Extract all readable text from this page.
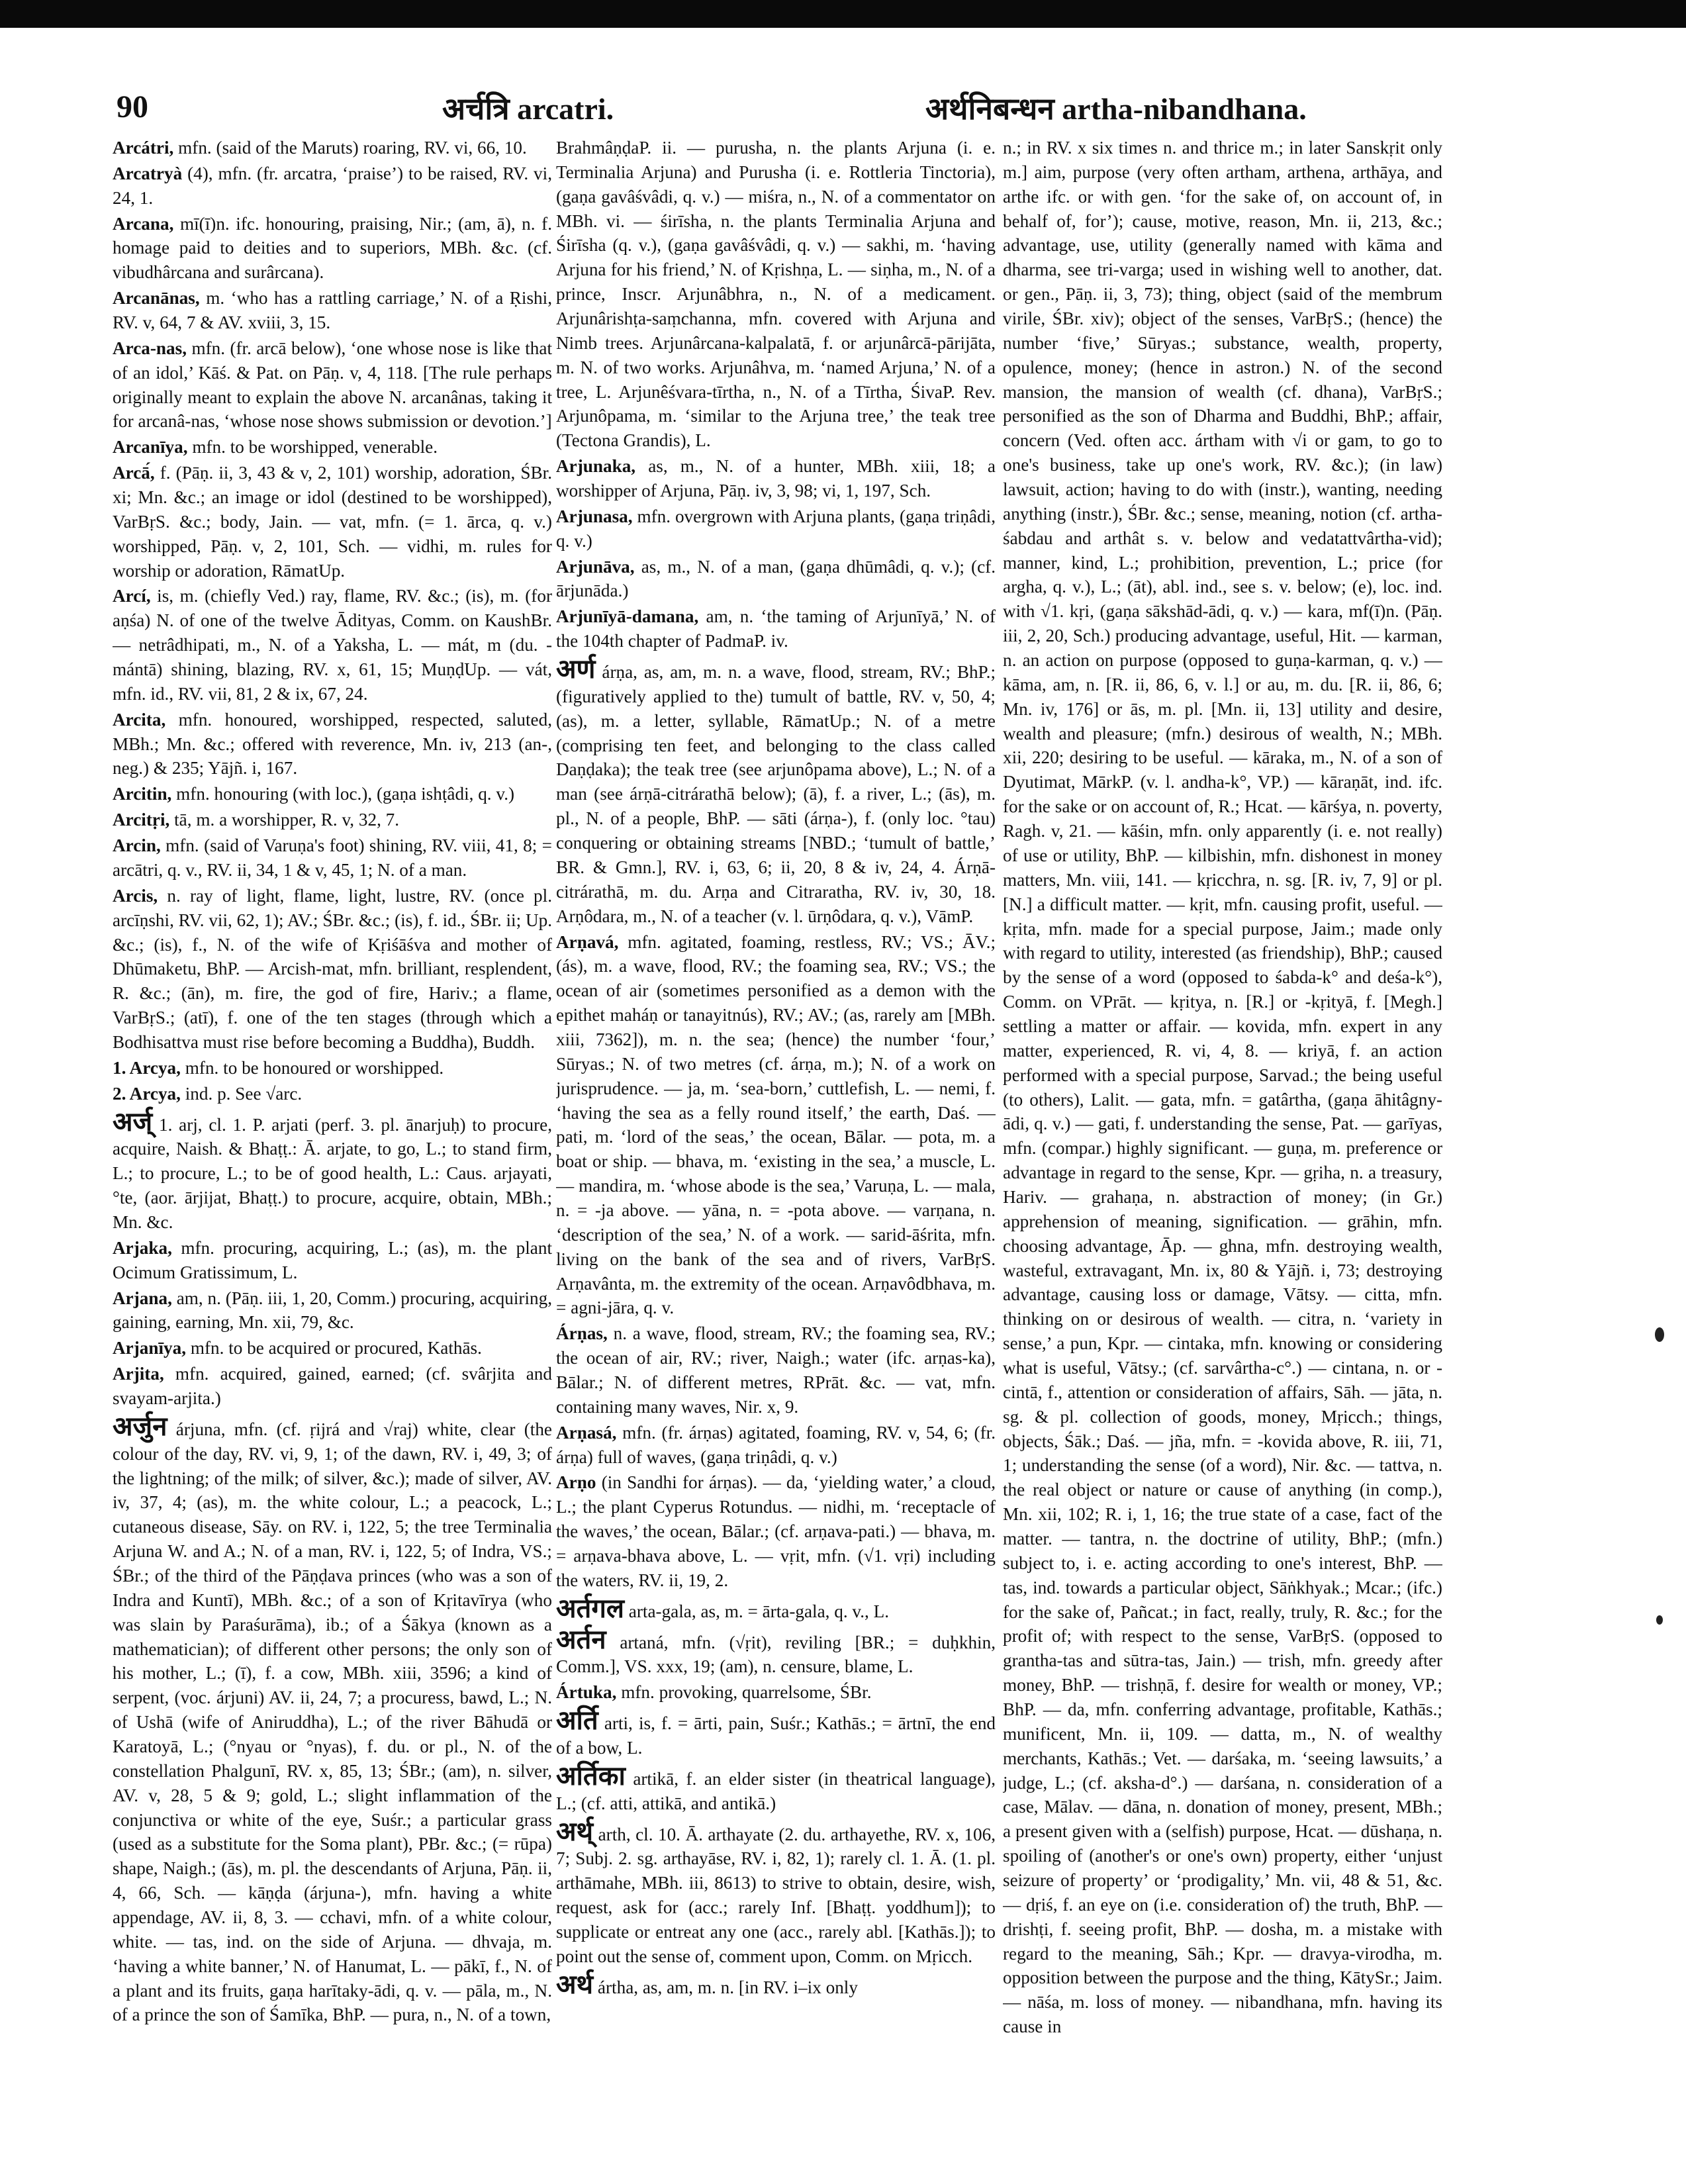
90	अर्चत्रि arcatri.	अर्थनिबन्धन artha-nibandhana.

Arcátri, mfn. (said of the Maruts) roaring, RV. vi, 66, 10.

Arcatryà (4), mfn. (fr. arcatra, ‘praise’) to be raised, RV. vi, 24, 1.

Arcana, mī(ī)n. ifc. honouring, praising, Nir.; (am, ā), n. f. homage paid to deities and to superiors, MBh. &c. (cf. vibudhârcana and surârcana).

Arcanānas, m. ‘who has a rattling carriage,’ N. of a Ṛishi, RV. v, 64, 7 & AV. xviii, 3, 15.

Arca-nas, mfn. (fr. arcā below), ‘one whose nose is like that of an idol,’ Kāś. & Pat. on Pāṇ. v, 4, 118. [The rule perhaps originally meant to explain the above N. arcanânas, taking it for arcanâ-nas, ‘whose nose shows submission or devotion.’]

Arcanīya, mfn. to be worshipped, venerable.

Arcā́, f. (Pāṇ. ii, 3, 43 & v, 2, 101) worship, adoration, ŚBr. xi; Mn. &c.; an image or idol (destined to be worshipped), VarBṛS. &c.; body, Jain. — vat, mfn. (= 1. ārca, q. v.) worshipped, Pāṇ. v, 2, 101, Sch. — vidhi, m. rules for worship or adoration, RāmatUp.

Arcí, is, m. (chiefly Ved.) ray, flame, RV. &c.; (is), m. (for aṇśa) N. of one of the twelve Ādityas, Comm. on KaushBr. — netrâdhipati, m., N. of a Yaksha, L. — mát, m (du. -mántā) shining, blazing, RV. x, 61, 15; MuṇḍUp. — vát, mfn. id., RV. vii, 81, 2 & ix, 67, 24.

Arcita, mfn. honoured, worshipped, respected, saluted, MBh.; Mn. &c.; offered with reverence, Mn. iv, 213 (an-, neg.) & 235; Yājñ. i, 167.

Arcitin, mfn. honouring (with loc.), (gaṇa ishṭâdi, q. v.)

Arcitṛi, tā, m. a worshipper, R. v, 32, 7.

Arcin, mfn. (said of Varuṇa's foot) shining, RV. viii, 41, 8; = arcātri, q. v., RV. ii, 34, 1 & v, 45, 1; N. of a man.

Arcis, n. ray of light, flame, light, lustre, RV. (once pl. arcīṇshi, RV. vii, 62, 1); AV.; ŚBr. &c.; (is), f. id., ŚBr. ii; Up. &c.; (is), f., N. of the wife of Kṛiśāśva and mother of Dhūmaketu, BhP. — Arcish-mat, mfn. brilliant, resplendent, R. &c.; (ān), m. fire, the god of fire, Hariv.; a flame, VarBṛS.; (atī), f. one of the ten stages (through which a Bodhisattva must rise before becoming a Buddha), Buddh.

1. Arcya, mfn. to be honoured or worshipped.

2. Arcya, ind. p. See √arc.

अर्ज् 1. arj, cl. 1. P. arjati (perf. 3. pl. ānarjuḥ) to procure, acquire, Naish. & Bhaṭṭ.: Ā. arjate, to go, L.; to stand firm, L.; to procure, L.; to be of good health, L.: Caus. arjayati, °te, (aor. ārjijat, Bhaṭṭ.) to procure, acquire, obtain, MBh.; Mn. &c.

Arjaka, mfn. procuring, acquiring, L.; (as), m. the plant Ocimum Gratissimum, L.

Arjana, am, n. (Pāṇ. iii, 1, 20, Comm.) procuring, acquiring, gaining, earning, Mn. xii, 79, &c.

Arjanīya, mfn. to be acquired or procured, Kathās.

Arjita, mfn. acquired, gained, earned; (cf. svârjita and svayam-arjita.)

अर्जुन árjuna, mfn. (cf. ṛijrá and √raj) white, clear (the colour of the day, RV. vi, 9, 1; of the dawn, RV. i, 49, 3; of the lightning; of the milk; of silver, &c.); made of silver, AV. iv, 37, 4; (as), m. the white colour, L.; a peacock, L.; cutaneous disease, Sāy. on RV. i, 122, 5; the tree Terminalia Arjuna W. and A.; N. of a man, RV. i, 122, 5; of Indra, VS.; ŚBr.; of the third of the Pāṇḍava princes (who was a son of Indra and Kuntī), MBh. &c.; of a son of Kṛitavīrya (who was slain by Paraśurāma), ib.; of a Śākya (known as a mathematician); of different other persons; the only son of his mother, L.; (ī), f. a cow, MBh. xiii, 3596; a kind of serpent, (voc. árjuni) AV. ii, 24, 7; a procuress, bawd, L.; N. of Ushā (wife of Aniruddha), L.; of the river Bāhudā or Karatoyā, L.; (°nyau or °nyas), f. du. or pl., N. of the constellation Phalgunī, RV. x, 85, 13; ŚBr.; (am), n. silver, AV. v, 28, 5 & 9; gold, L.; slight inflammation of the conjunctiva or white of the eye, Suśr.; a particular grass (used as a substitute for the Soma plant), PBr. &c.; (= rūpa) shape, Naigh.; (ās), m. pl. the descendants of Arjuna, Pāṇ. ii, 4, 66, Sch. — kāṇḍa (árjuna-), mfn. having a white appendage, AV. ii, 8, 3. — cchavi, mfn. of a white colour, white. — tas, ind. on the side of Arjuna. — dhvaja, m. ‘having a white banner,’ N. of Hanumat, L. — pākī, f., N. of a plant and its fruits, gaṇa harītaky-ādi, q. v. — pāla, m., N. of a prince the son of Śamīka, BhP. — pura, n., N. of a town,

BrahmâṇḍaP. ii. — purusha, n. the plants Arjuna (i. e. Terminalia Arjuna) and Purusha (i. e. Rottleria Tinctoria), (gaṇa gavâśvâdi, q. v.) — miśra, n., N. of a commentator on MBh. vi. — śirīsha, n. the plants Terminalia Arjuna and Śirīsha (q. v.), (gaṇa gavâśvâdi, q. v.) — sakhi, m. ‘having Arjuna for his friend,’ N. of Kṛishṇa, L. — siṇha, m., N. of a prince, Inscr. Arjunâbhra, n., N. of a medicament. Arjunârishṭa-saṃchanna, mfn. covered with Arjuna and Nimb trees. Arjunârcana-kalpalatā, f. or arjunârcā-pārijāta, m. N. of two works. Arjunâhva, m. ‘named Arjuna,’ N. of a tree, L. Arjunêśvara-tīrtha, n., N. of a Tīrtha, ŚivaP. Rev. Arjunôpama, m. ‘similar to the Arjuna tree,’ the teak tree (Tectona Grandis), L.

Arjunaka, as, m., N. of a hunter, MBh. xiii, 18; a worshipper of Arjuna, Pāṇ. iv, 3, 98; vi, 1, 197, Sch.

Arjunasa, mfn. overgrown with Arjuna plants, (gaṇa triṇâdi, q. v.)

Arjunāva, as, m., N. of a man, (gaṇa dhūmâdi, q. v.); (cf. ārjunāda.)

Arjunīyā-damana, am, n. ‘the taming of Arjunīyā,’ N. of the 104th chapter of PadmaP. iv.

अर्ण árṇa, as, am, m. n. a wave, flood, stream, RV.; BhP.; (figuratively applied to the) tumult of battle, RV. v, 50, 4; (as), m. a letter, syllable, RāmatUp.; N. of a metre (comprising ten feet, and belonging to the class called Daṇḍaka); the teak tree (see arjunôpama above), L.; N. of a man (see árṇā-citrárathā below); (ā), f. a river, L.; (ās), m. pl., N. of a people, BhP. — sāti (árṇa-), f. (only loc. °tau) conquering or obtaining streams [NBD.; ‘tumult of battle,’ BR. & Gmn.], RV. i, 63, 6; ii, 20, 8 & iv, 24, 4. Árṇā-citrárathā, m. du. Arṇa and Citraratha, RV. iv, 30, 18. Arṇôdara, m., N. of a teacher (v. l. ūrṇôdara, q. v.), VāmP.

Arṇavá, mfn. agitated, foaming, restless, RV.; VS.; ĀV.; (ás), m. a wave, flood, RV.; the foaming sea, RV.; VS.; the ocean of air (sometimes personified as a demon with the epithet maháṇ or tanayitnús), RV.; AV.; (as, rarely am [MBh. xiii, 7362]), m. n. the sea; (hence) the number ‘four,’ Sūryas.; N. of two metres (cf. árṇa, m.); N. of a work on jurisprudence. — ja, m. ‘sea-born,’ cuttlefish, L. — nemi, f. ‘having the sea as a felly round itself,’ the earth, Daś. — pati, m. ‘lord of the seas,’ the ocean, Bālar. — pota, m. a boat or ship. — bhava, m. ‘existing in the sea,’ a muscle, L. — mandira, m. ‘whose abode is the sea,’ Varuṇa, L. — mala, n. = -ja above. — yāna, n. = -pota above. — varṇana, n. ‘description of the sea,’ N. of a work. — sarid-āśrita, mfn. living on the bank of the sea and of rivers, VarBṛS. Arṇavânta, m. the extremity of the ocean. Arṇavôdbhava, m. = agni-jāra, q. v.

Árṇas, n. a wave, flood, stream, RV.; the foaming sea, RV.; the ocean of air, RV.; river, Naigh.; water (ifc. arṇas-ka), Bālar.; N. of different metres, RPrāt. &c. — vat, mfn. containing many waves, Nir. x, 9.

Arṇasá, mfn. (fr. árṇas) agitated, foaming, RV. v, 54, 6; (fr. árṇa) full of waves, (gaṇa triṇâdi, q. v.)

Arṇo (in Sandhi for árṇas). — da, ‘yielding water,’ a cloud, L.; the plant Cyperus Rotundus. — nidhi, m. ‘receptacle of the waves,’ the ocean, Bālar.; (cf. arṇava-pati.) — bhava, m. = arṇava-bhava above, L. — vṛit, mfn. (√1. vṛi) including the waters, RV. ii, 19, 2.

अर्तगल arta-gala, as, m. = ārta-gala, q. v., L.

अर्तन artaná, mfn. (√ṛit), reviling [BR.; = duḥkhin, Comm.], VS. xxx, 19; (am), n. censure, blame, L.

Ártuka, mfn. provoking, quarrelsome, ŚBr.

अर्ति arti, is, f. = ārti, pain, Suśr.; Kathās.; = ārtnī, the end of a bow, L.

अर्तिका artikā, f. an elder sister (in theatrical language), L.; (cf. atti, attikā, and antikā.)

अर्थ् arth, cl. 10. Ā. arthayate (2. du. arthayethe, RV. x, 106, 7; Subj. 2. sg. arthayāse, RV. i, 82, 1); rarely cl. 1. Ā. (1. pl. arthāmahe, MBh. iii, 8613) to strive to obtain, desire, wish, request, ask for (acc.; rarely Inf. [Bhaṭṭ. yoddhum]); to supplicate or entreat any one (acc., rarely abl. [Kathās.]); to point out the sense of, comment upon, Comm. on Mṛicch.

अर्थ ártha, as, am, m. n. [in RV. i–ix only

n.; in RV. x six times n. and thrice m.; in later Sanskṛit only m.] aim, purpose (very often artham, arthena, arthāya, and arthe ifc. or with gen. ‘for the sake of, on account of, in behalf of, for’); cause, motive, reason, Mn. ii, 213, &c.; advantage, use, utility (generally named with kāma and dharma, see tri-varga; used in wishing well to another, dat. or gen., Pāṇ. ii, 3, 73); thing, object (said of the membrum virile, ŚBr. xiv); object of the senses, VarBṛS.; (hence) the number ‘five,’ Sūryas.; substance, wealth, property, opulence, money; (hence in astron.) N. of the second mansion, the mansion of wealth (cf. dhana), VarBṛS.; personified as the son of Dharma and Buddhi, BhP.; affair, concern (Ved. often acc. ártham with √i or gam, to go to one's business, take up one's work, RV. &c.); (in law) lawsuit, action; having to do with (instr.), wanting, needing anything (instr.), ŚBr. &c.; sense, meaning, notion (cf. artha-śabdau and arthât s. v. below and vedatattvârtha-vid); manner, kind, L.; prohibition, prevention, L.; price (for argha, q. v.), L.; (āt), abl. ind., see s. v. below; (e), loc. ind. with √1. kṛi, (gaṇa sākshād-ādi, q. v.) — kara, mf(ī)n. (Pāṇ. iii, 2, 20, Sch.) producing advantage, useful, Hit. — karman, n. an action on purpose (opposed to guṇa-karman, q. v.) — kāma, am, n. [R. ii, 86, 6, v. l.] or au, m. du. [R. ii, 86, 6; Mn. iv, 176] or ās, m. pl. [Mn. ii, 13] utility and desire, wealth and pleasure; (mfn.) desirous of wealth, N.; MBh. xii, 220; desiring to be useful. — kāraka, m., N. of a son of Dyutimat, MārkP. (v. l. andha-k°, VP.) — kāraṇāt, ind. ifc. for the sake or on account of, R.; Hcat. — kārśya, n. poverty, Ragh. v, 21. — kāśin, mfn. only apparently (i. e. not really) of use or utility, BhP. — kilbishin, mfn. dishonest in money matters, Mn. viii, 141. — kṛicchra, n. sg. [R. iv, 7, 9] or pl. [N.] a difficult matter. — kṛit, mfn. causing profit, useful. — kṛita, mfn. made for a special purpose, Jaim.; made only with regard to utility, interested (as friendship), BhP.; caused by the sense of a word (opposed to śabda-k° and deśa-k°), Comm. on VPrāt. — kṛitya, n. [R.] or -kṛityā, f. [Megh.] settling a matter or affair. — kovida, mfn. expert in any matter, experienced, R. vi, 4, 8. — kriyā, f. an action performed with a special purpose, Sarvad.; the being useful (to others), Lalit. — gata, mfn. = gatârtha, (gaṇa āhitâgny-ādi, q. v.) — gati, f. understanding the sense, Pat. — garīyas, mfn. (compar.) highly significant. — guṇa, m. preference or advantage in regard to the sense, Kpr. — gṛiha, n. a treasury, Hariv. — grahaṇa, n. abstraction of money; (in Gr.) apprehension of meaning, signification. — grāhin, mfn. choosing advantage, Āp. — ghna, mfn. destroying wealth, wasteful, extravagant, Mn. ix, 80 & Yājñ. i, 73; destroying advantage, causing loss or damage, Vātsy. — citta, mfn. thinking on or desirous of wealth. — citra, n. ‘variety in sense,’ a pun, Kpr. — cintaka, mfn. knowing or considering what is useful, Vātsy.; (cf. sarvârtha-c°.) — cintana, n. or -cintā, f., attention or consideration of affairs, Sāh. — jāta, n. sg. & pl. collection of goods, money, Mṛicch.; things, objects, Śāk.; Daś. — jña, mfn. = -kovida above, R. iii, 71, 1; understanding the sense (of a word), Nir. &c. — tattva, n. the real object or nature or cause of anything (in comp.), Mn. xii, 102; R. i, 1, 16; the true state of a case, fact of the matter. — tantra, n. the doctrine of utility, BhP.; (mfn.) subject to, i. e. acting according to one's interest, BhP. — tas, ind. towards a particular object, Sāṅkhyak.; Mcar.; (ifc.) for the sake of, Pañcat.; in fact, really, truly, R. &c.; for the profit of; with respect to the sense, VarBṛS. (opposed to grantha-tas and sūtra-tas, Jain.) — trish, mfn. greedy after money, BhP. — trishṇā, f. desire for wealth or money, VP.; BhP. — da, mfn. conferring advantage, profitable, Kathās.; munificent, Mn. ii, 109. — datta, m., N. of wealthy merchants, Kathās.; Vet. — darśaka, m. ‘seeing lawsuits,’ a judge, L.; (cf. aksha-d°.) — darśana, n. consideration of a case, Mālav. — dāna, n. donation of money, present, MBh.; a present given with a (selfish) purpose, Hcat. — dūshaṇa, n. spoiling of (another's or one's own) property, either ‘unjust seizure of property’ or ‘prodigality,’ Mn. vii, 48 & 51, &c. — dṛiś, f. an eye on (i.e. consideration of) the truth, BhP. — drishṭi, f. seeing profit, BhP. — dosha, m. a mistake with regard to the meaning, Sāh.; Kpr. — dravya-virodha, m. opposition between the purpose and the thing, KātySr.; Jaim. — nāśa, m. loss of money. — nibandhana, mfn. having its cause in
